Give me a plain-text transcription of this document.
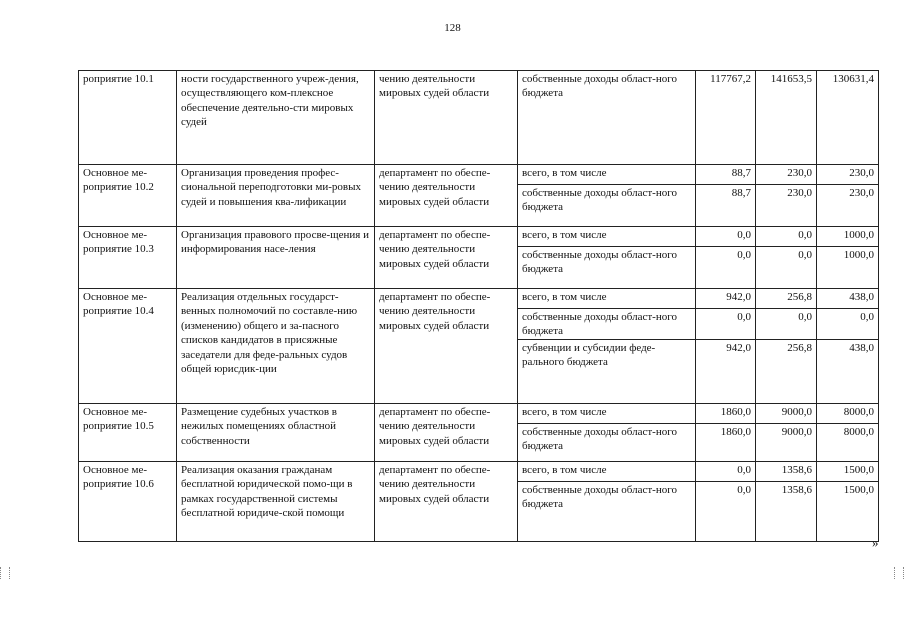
128
роприятие 10.1	ности государственного учреж-дения, осуществляющего ком-плексное обеспечение деятельно-сти мировых судей	чению деятельности мировых судей области	собственные доходы област-ного бюджета	117767,2	141653,5	130631,4
Основное ме-роприятие 10.2	Организация проведения профес-сиональной переподготовки ми-ровых судей и повышения ква-лификации	департамент по обеспе-чению деятельности мировых судей области	всего, в том числе	88,7	230,0	230,0
			собственные доходы област-ного бюджета	88,7	230,0	230,0
Основное ме-роприятие 10.3	Организация правового просве-щения и информирования насе-ления	департамент по обеспе-чению деятельности мировых судей области	всего, в том числе	0,0	0,0	1000,0
			собственные доходы област-ного бюджета	0,0	0,0	1000,0
Основное ме-роприятие 10.4	Реализация отдельных государст-венных полномочий по составле-нию (изменению) общего и за-пасного списков кандидатов в присяжные заседатели для феде-ральных судов общей юрисдик-ции	департамент по обеспе-чению деятельности мировых судей области	всего, в том числе	942,0	256,8	438,0
			собственные доходы област-ного бюджета	0,0	0,0	0,0
			субвенции и субсидии феде-рального бюджета	942,0	256,8	438,0
Основное ме-роприятие 10.5	Размещение судебных участков в нежилых помещениях областной собственности	департамент по обеспе-чению деятельности мировых судей области	всего, в том числе	1860,0	9000,0	8000,0
			собственные доходы област-ного бюджета	1860,0	9000,0	8000,0
Основное ме-роприятие 10.6	Реализация оказания гражданам бесплатной юридической помо-щи в рамках государственной системы бесплатной юридиче-ской помощи	департамент по обеспе-чению деятельности мировых судей области	всего, в том числе	0,0	1358,6	1500,0
			собственные доходы област-ного бюджета	0,0	1358,6	1500,0
»
